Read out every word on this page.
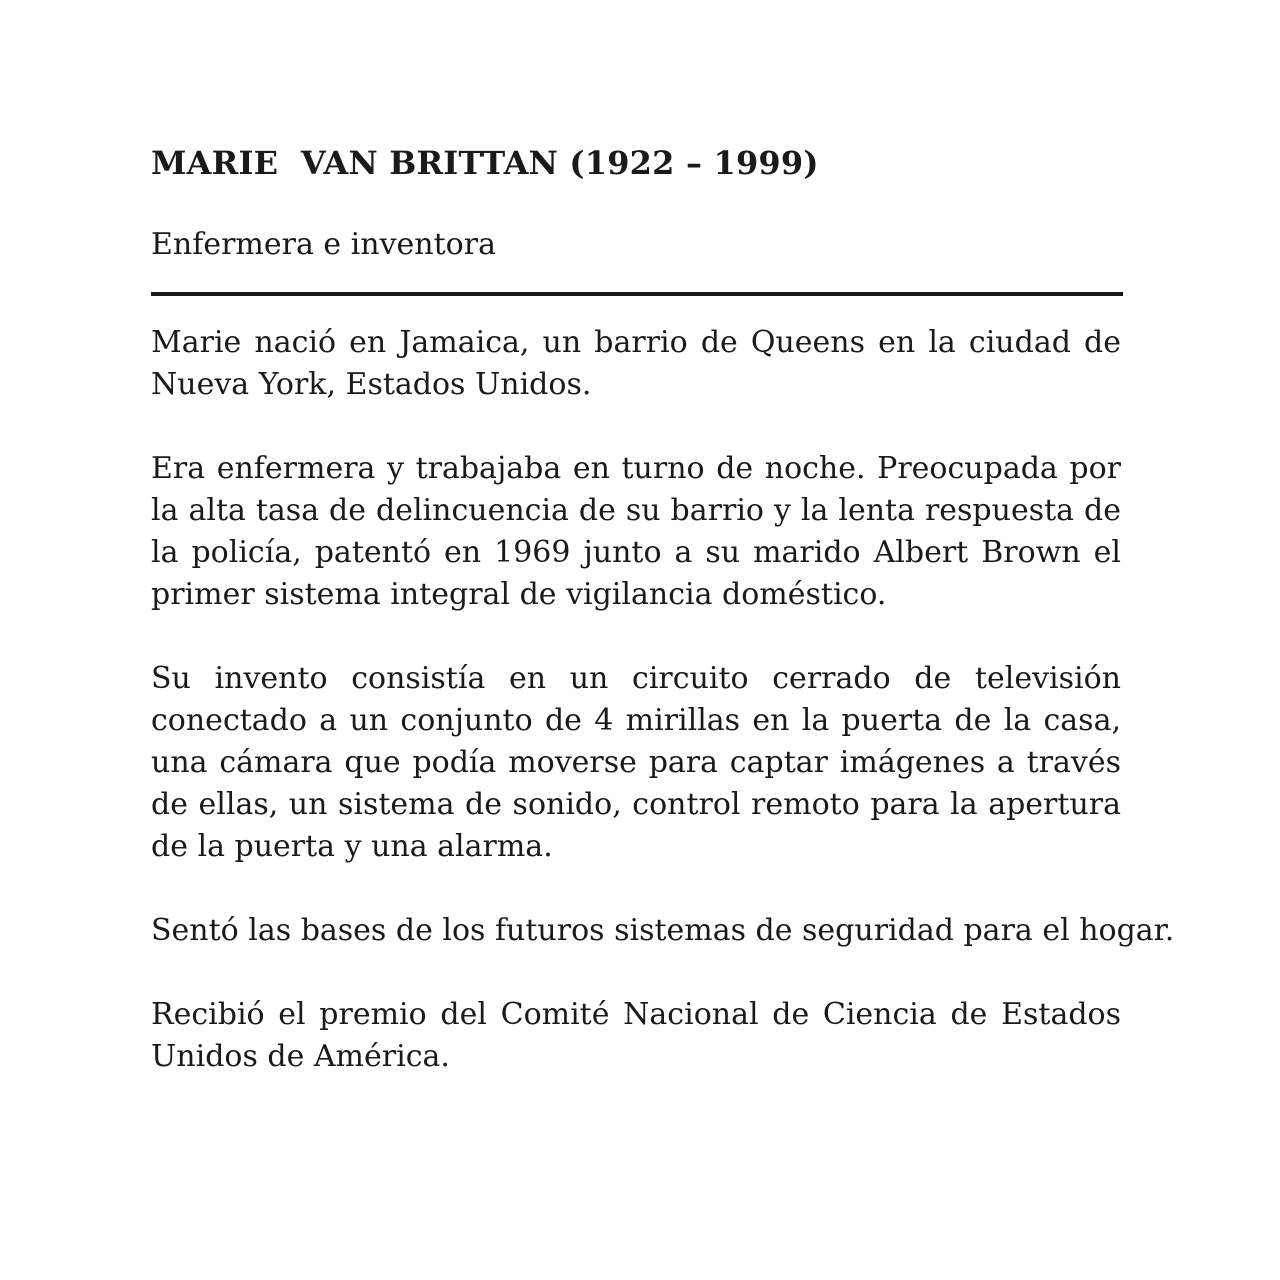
MARIE  VAN BRITTAN (1922 – 1999)

Enfermera e inventora

Marie nació en Jamaica, un barrio de Queens en la ciudad de Nueva York, Estados Unidos.

Era enfermera y trabajaba en turno de noche. Preocupada por la alta tasa de delincuencia de su barrio y la lenta respuesta de la policía, patentó en 1969 junto a su marido Albert Brown el primer sistema integral de vigilancia doméstico.

Su invento consistía en un circuito cerrado de televisión conectado a un conjunto de 4 mirillas en la puerta de la casa, una cámara que podía moverse para captar imágenes a través de ellas, un sistema de sonido, control remoto para la apertura de la puerta y una alarma.

Sentó las bases de los futuros sistemas de seguridad para el hogar.

Recibió el premio del Comité Nacional de Ciencia de Estados Unidos de América.
